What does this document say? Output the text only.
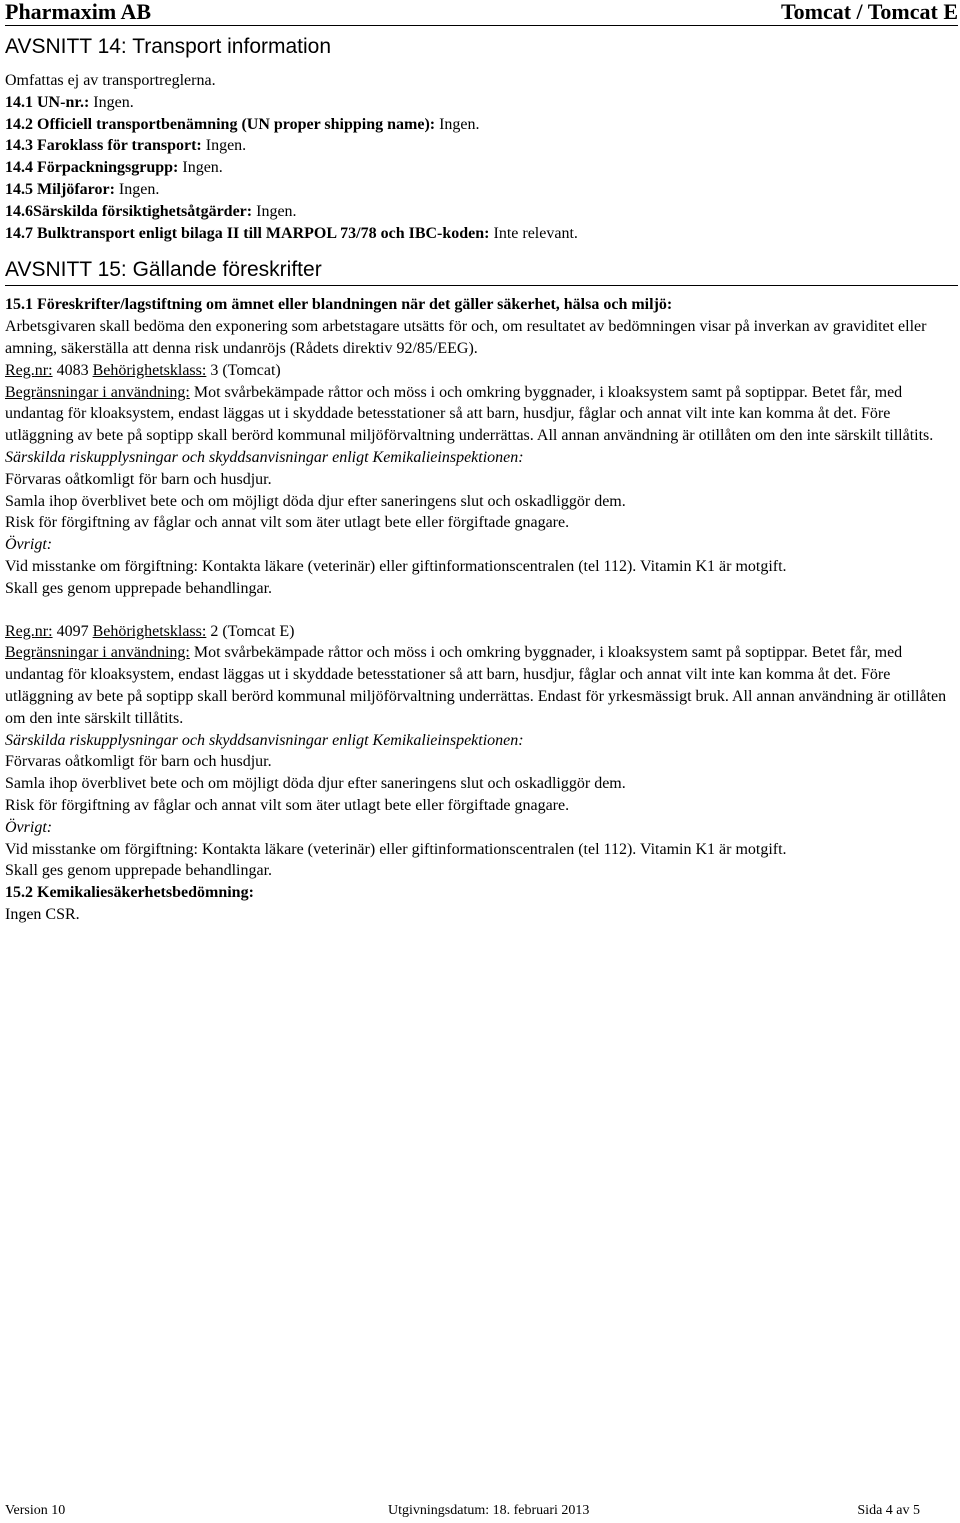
Pharmaxim AB	Tomcat / Tomcat E
AVSNITT 14: Transport information
Omfattas ej av transportreglerna.
14.1 UN-nr.: Ingen.
14.2 Officiell transportbenämning (UN proper shipping name): Ingen.
14.3 Faroklass för transport: Ingen.
14.4 Förpackningsgrupp: Ingen.
14.5 Miljöfaror: Ingen.
14.6Särskilda försiktighetsåtgärder: Ingen.
14.7 Bulktransport enligt bilaga II till MARPOL 73/78 och IBC-koden: Inte relevant.
AVSNITT 15: Gällande föreskrifter
15.1 Föreskrifter/lagstiftning om ämnet eller blandningen när det gäller säkerhet, hälsa och miljö:
Arbetsgivaren skall bedöma den exponering som arbetstagare utsätts för och, om resultatet av bedömningen visar på inverkan av graviditet eller amning, säkerställa att denna risk undanröjs (Rådets direktiv 92/85/EEG).
Reg.nr: 4083 Behörighetsklass: 3 (Tomcat)
Begränsningar i användning: Mot svårbekämpade råttor och möss i och omkring byggnader, i kloaksystem samt på soptippar. Betet får, med undantag för kloaksystem, endast läggas ut i skyddade betesstationer så att barn, husdjur, fåglar och annat vilt inte kan komma åt det. Före utläggning av bete på soptipp skall berörd kommunal miljöförvaltning underrättas. All annan användning är otillåten om den inte särskilt tillåtits.
Särskilda riskupplysningar och skyddsanvisningar enligt Kemikalieinspektionen:
Förvaras oåtkomligt för barn och husdjur.
Samla ihop överblivet bete och om möjligt döda djur efter saneringens slut och oskadliggör dem.
Risk för förgiftning av fåglar och annat vilt som äter utlagt bete eller förgiftade gnagare.
Övrigt:
Vid misstanke om förgiftning: Kontakta läkare (veterinär) eller giftinformationscentralen (tel 112). Vitamin K1 är motgift.
Skall ges genom upprepade behandlingar.
Reg.nr: 4097 Behörighetsklass: 2 (Tomcat E)
Begränsningar i användning: Mot svårbekämpade råttor och möss i och omkring byggnader, i kloaksystem samt på soptippar. Betet får, med undantag för kloaksystem, endast läggas ut i skyddade betesstationer så att barn, husdjur, fåglar och annat vilt inte kan komma åt det. Före utläggning av bete på soptipp skall berörd kommunal miljöförvaltning underrättas. Endast för yrkesmässigt bruk. All annan användning är otillåten om den inte särskilt tillåtits.
Särskilda riskupplysningar och skyddsanvisningar enligt Kemikalieinspektionen:
Förvaras oåtkomligt för barn och husdjur.
Samla ihop överblivet bete och om möjligt döda djur efter saneringens slut och oskadliggör dem.
Risk för förgiftning av fåglar och annat vilt som äter utlagt bete eller förgiftade gnagare.
Övrigt:
Vid misstanke om förgiftning: Kontakta läkare (veterinär) eller giftinformationscentralen (tel 112). Vitamin K1 är motgift.
Skall ges genom upprepade behandlingar.
15.2 Kemikaliesäkerhetsbedömning:
Ingen CSR.
Version 10	Utgivningsdatum: 18. februari 2013	Sida 4 av 5
